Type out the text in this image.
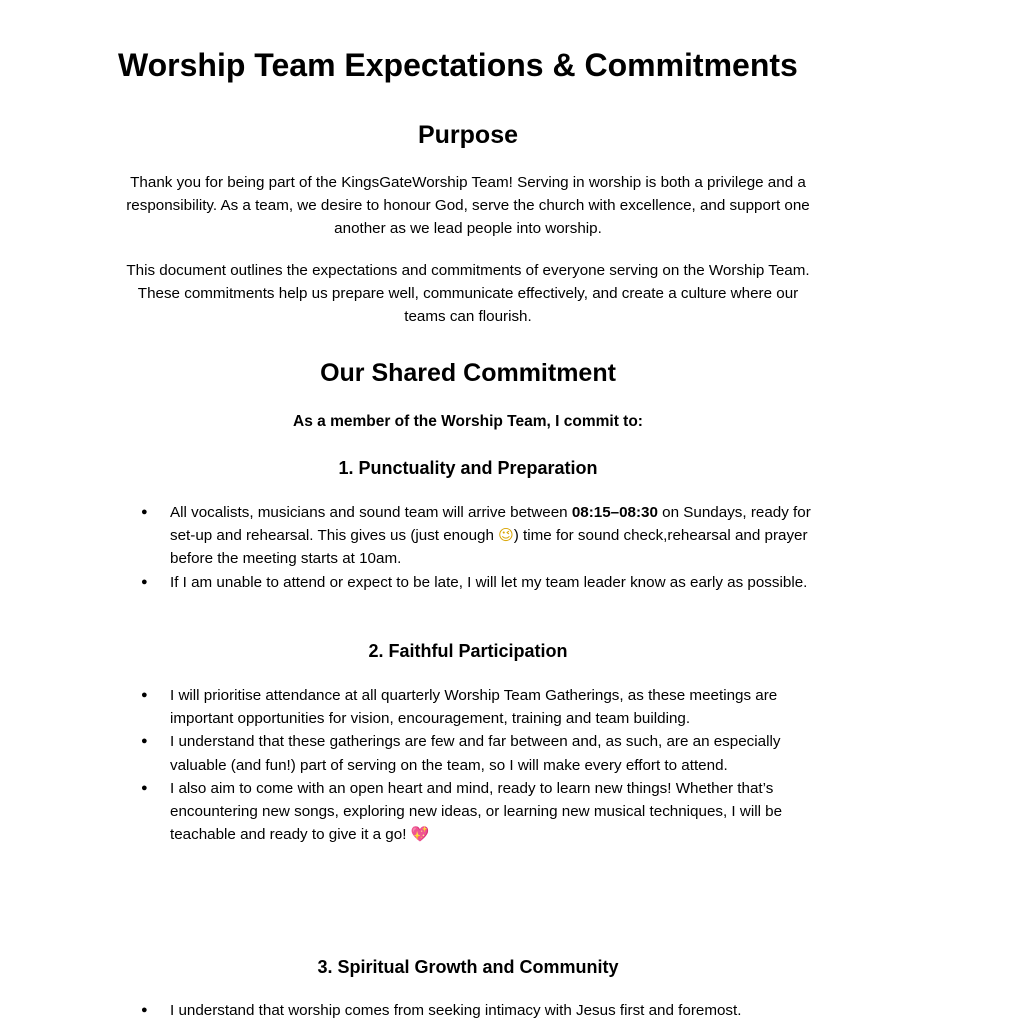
Worship Team Expectations & Commitments
Purpose

Thank you for being part of the KingsGateWorship Team! Serving in worship is both a privilege and a responsibility. As a team, we desire to honour God, serve the church with excellence, and support one another as we lead people into worship.

This document outlines the expectations and commitments of everyone serving on the Worship Team. These commitments help us prepare well, communicate effectively, and create a culture where our teams can flourish.

Our Shared Commitment

As a member of the Worship Team, I commit to:

1. Punctuality and Preparation
● All vocalists, musicians and sound team will arrive between 08:15–08:30 on Sundays, ready for set-up and rehearsal. This gives us (just enough 😉) time for sound check,rehearsal and prayer before the meeting starts at 10am.
● If I am unable to attend or expect to be late, I will let my team leader know as early as possible.
2. Faithful Participation
● I will prioritise attendance at all quarterly Worship Team Gatherings, as these meetings are important opportunities for vision, encouragement, training and team building.
● I understand that these gatherings are few and far between and, as such, are an especially valuable (and fun!) part of serving on the team, so I will make every effort to attend.
● I also aim to come with an open heart and mind, ready to learn new things! Whether that’s encountering new songs, exploring new ideas, or learning new musical techniques, I will be teachable and ready to give it a go! 💖
3. Spiritual Growth and Community
● I understand that worship comes from seeking intimacy with Jesus first and foremost.
